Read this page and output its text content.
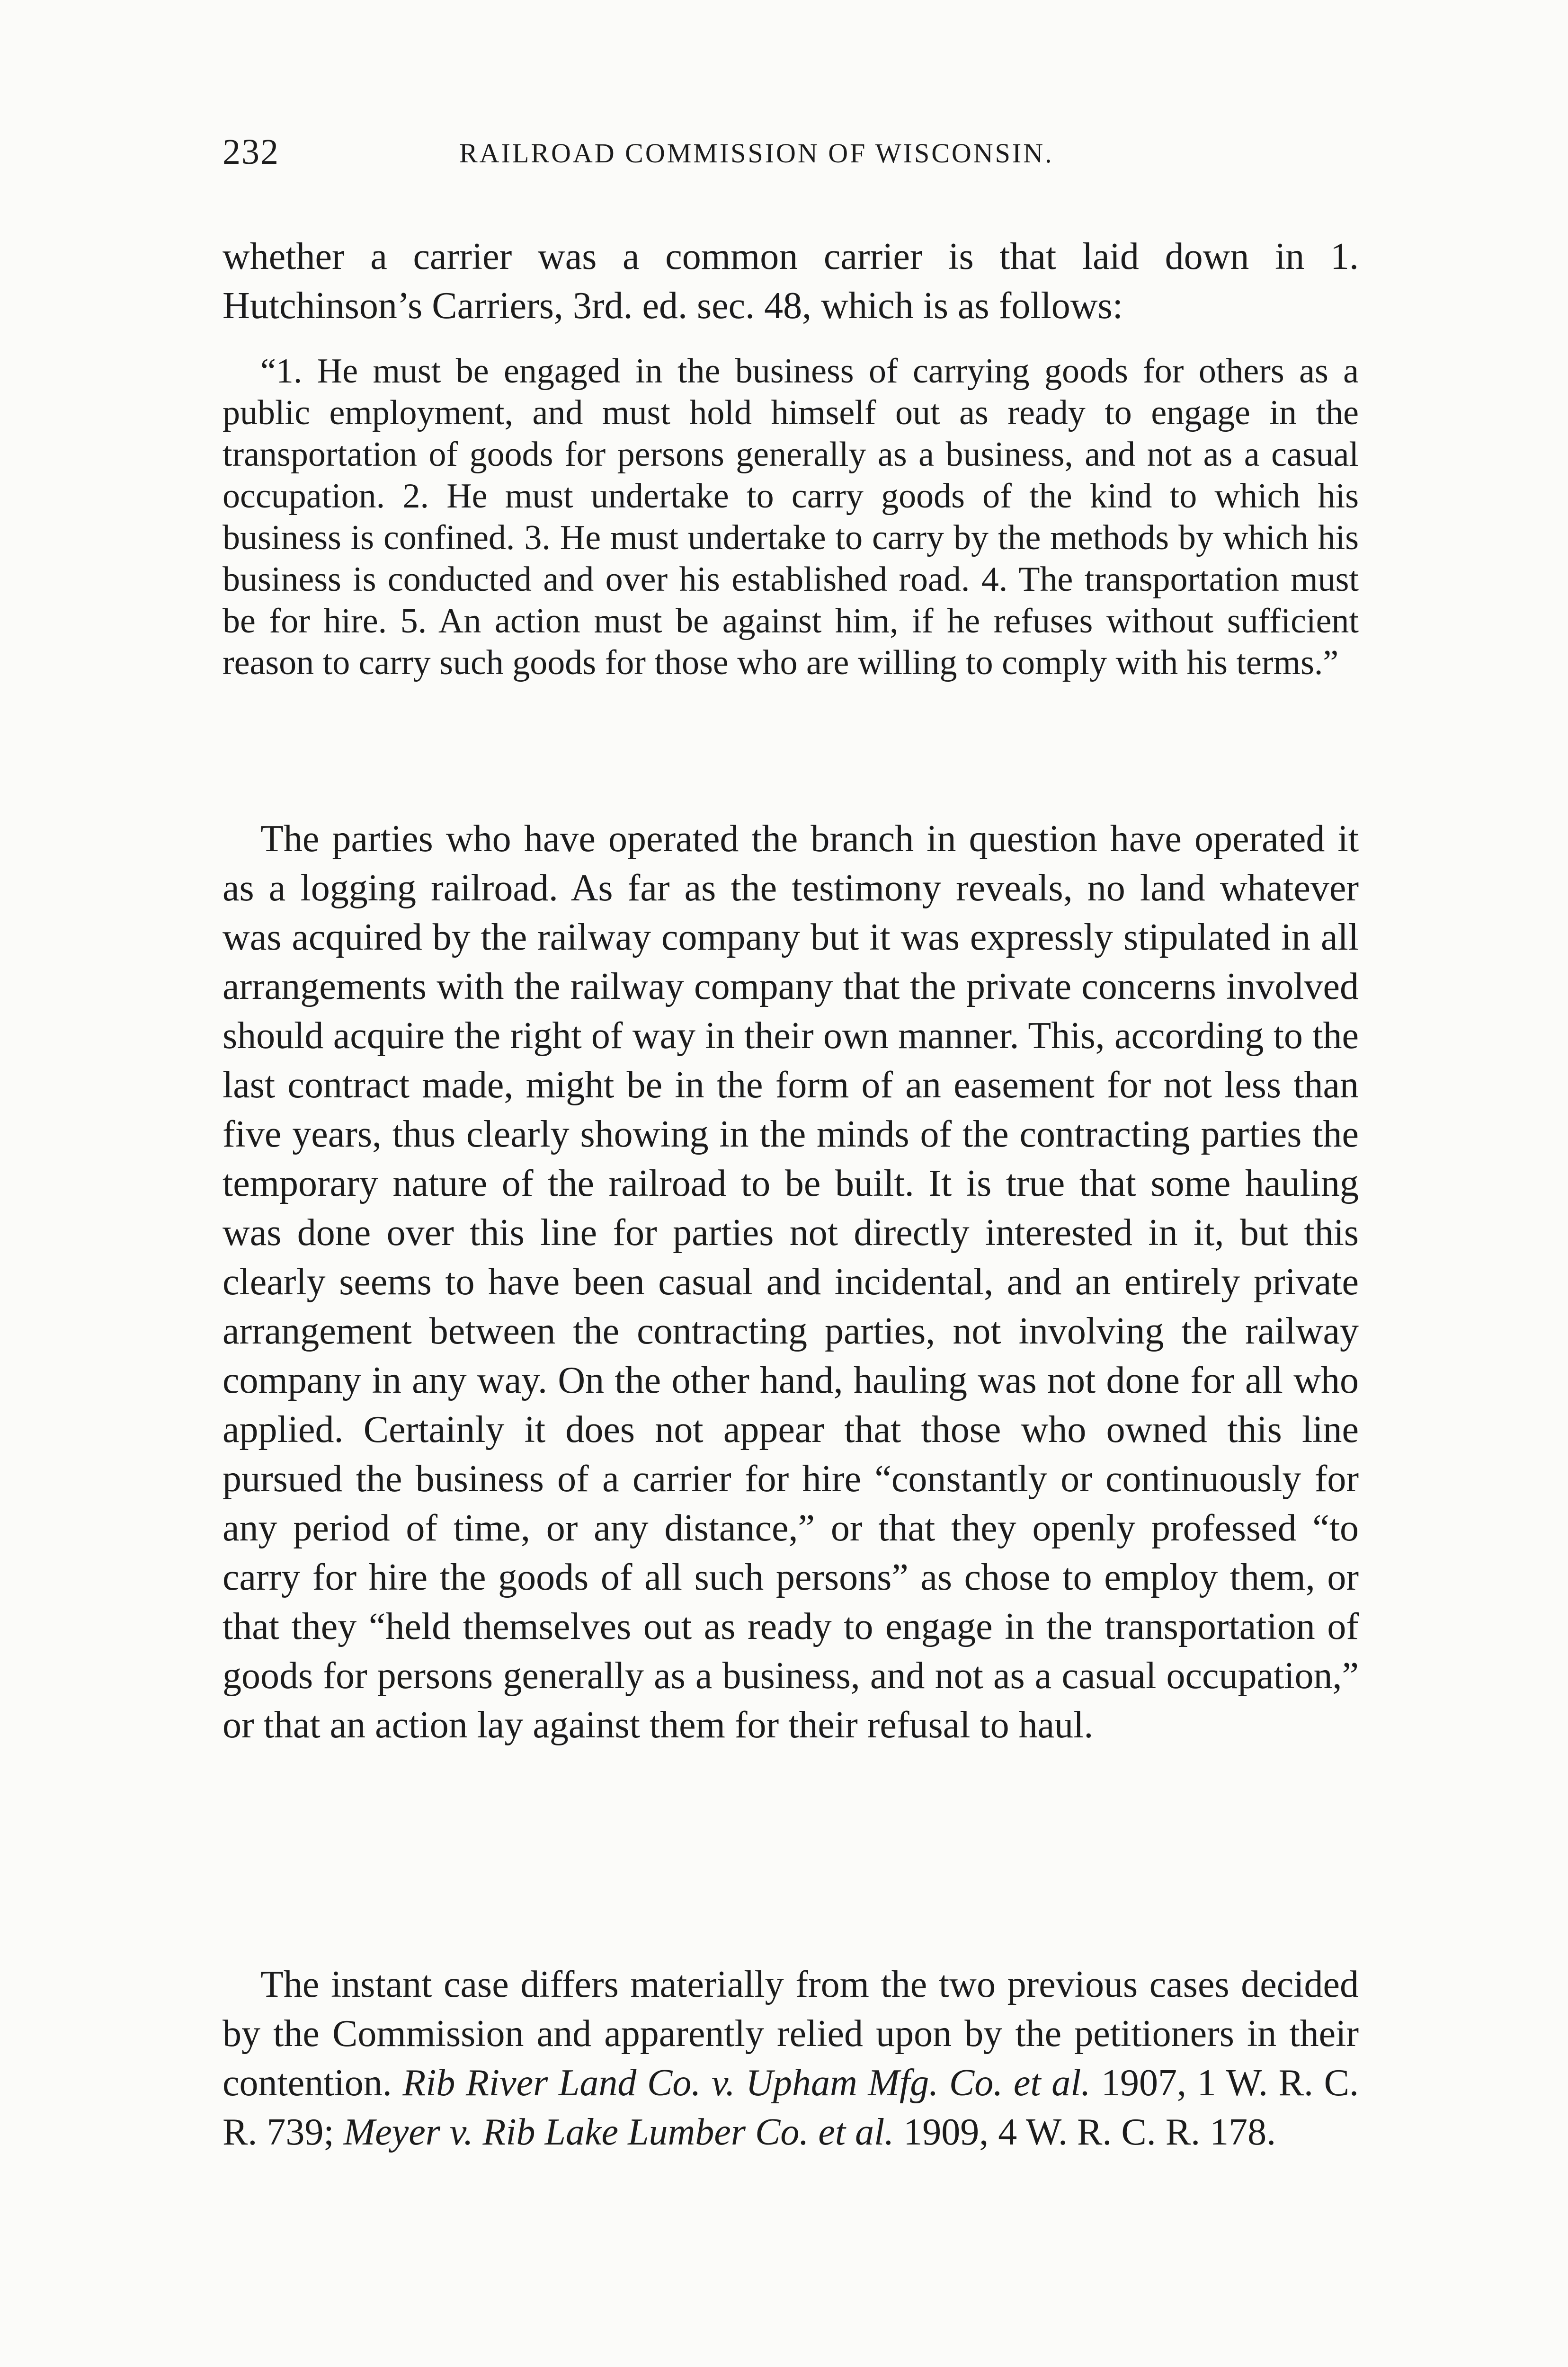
232	RAILROAD COMMISSION OF WISCONSIN.

whether a carrier was a common carrier is that laid down in 1. Hutchinson’s Carriers, 3rd. ed. sec. 48, which is as follows:

“1. He must be engaged in the business of carrying goods for others as a public employment, and must hold himself out as ready to engage in the transportation of goods for persons generally as a business, and not as a casual occupation. 2. He must undertake to carry goods of the kind to which his business is confined. 3. He must undertake to carry by the methods by which his business is conducted and over his established road. 4. The transportation must be for hire. 5. An action must be against him, if he refuses without sufficient reason to carry such goods for those who are willing to comply with his terms.”

The parties who have operated the branch in question have operated it as a logging railroad. As far as the testimony reveals, no land whatever was acquired by the railway company but it was expressly stipulated in all arrangements with the railway company that the private concerns involved should acquire the right of way in their own manner. This, according to the last contract made, might be in the form of an easement for not less than five years, thus clearly showing in the minds of the contracting parties the temporary nature of the railroad to be built. It is true that some hauling was done over this line for parties not directly interested in it, but this clearly seems to have been casual and incidental, and an entirely private arrangement between the contracting parties, not involving the railway company in any way. On the other hand, hauling was not done for all who applied. Certainly it does not appear that those who owned this line pursued the business of a carrier for hire “constantly or continuously for any period of time, or any distance,” or that they openly professed “to carry for hire the goods of all such persons” as chose to employ them, or that they “held themselves out as ready to engage in the transportation of goods for persons generally as a business, and not as a casual occupation,” or that an action lay against them for their refusal to haul.

The instant case differs materially from the two previous cases decided by the Commission and apparently relied upon by the petitioners in their contention. Rib River Land Co. v. Upham Mfg. Co. et al. 1907, 1 W. R. C. R. 739; Meyer v. Rib Lake Lumber Co. et al. 1909, 4 W. R. C. R. 178.
